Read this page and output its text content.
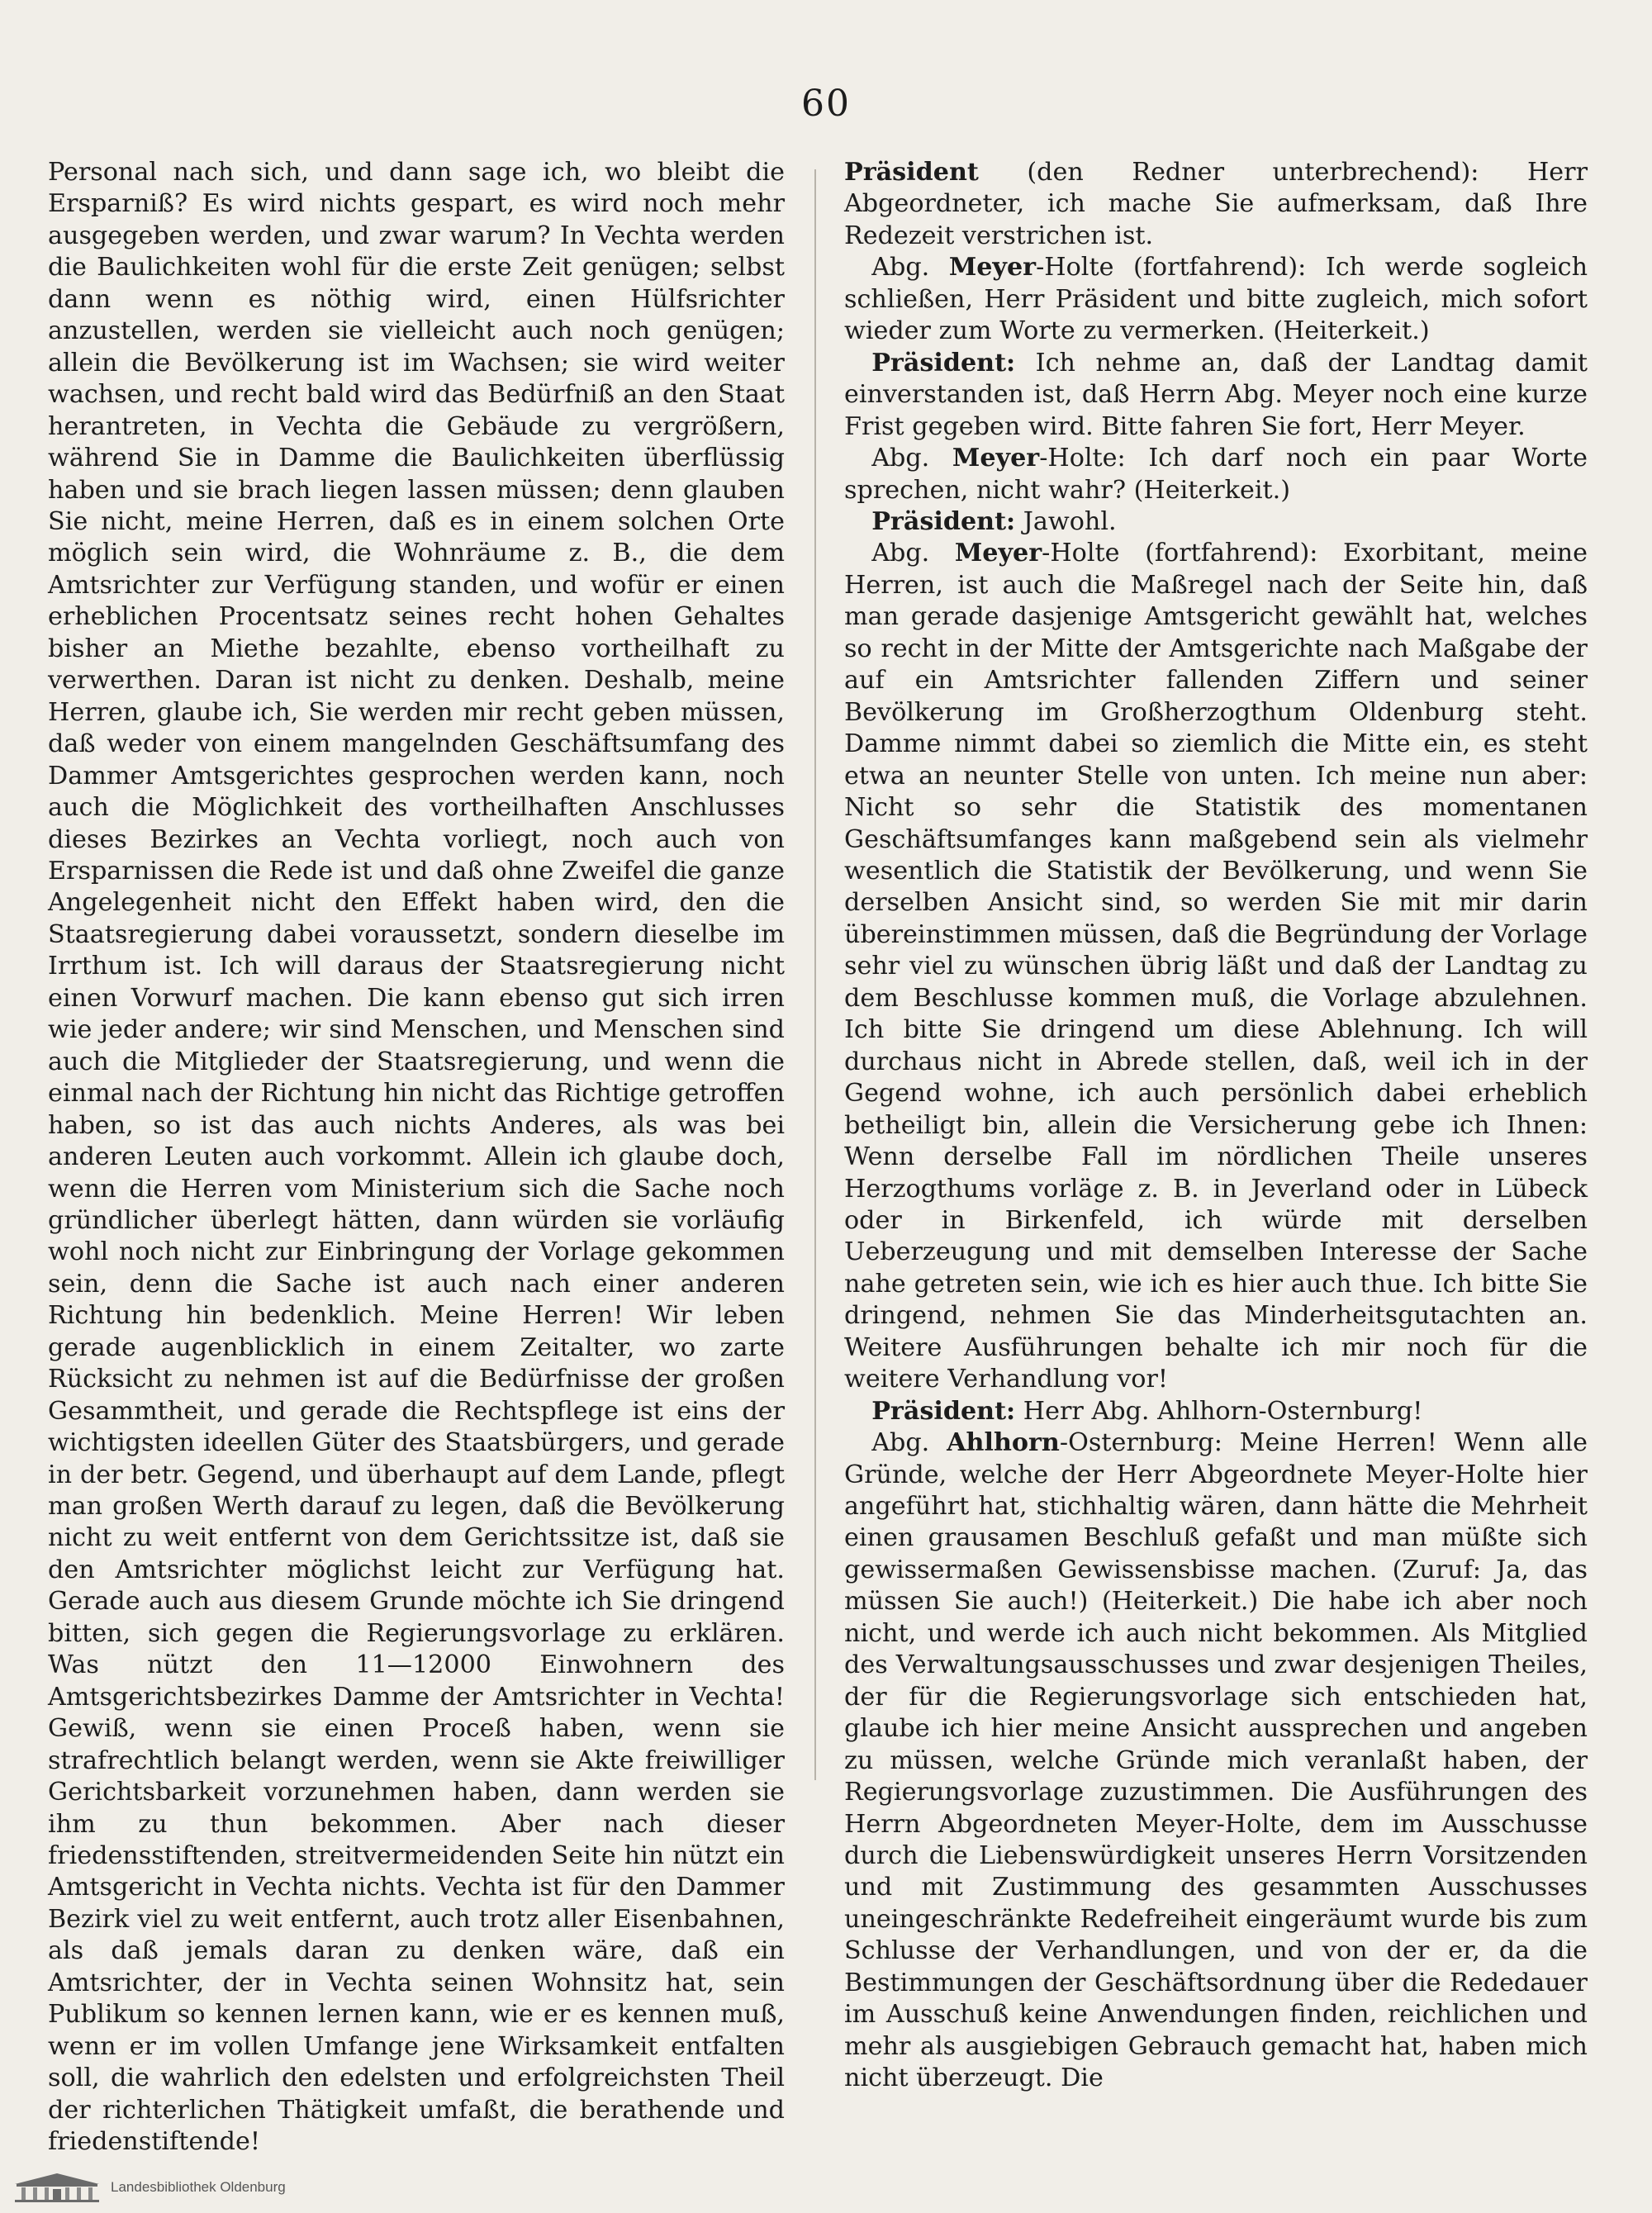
60

Personal nach sich, und dann sage ich, wo bleibt die Ersparniß? Es wird nichts gespart, es wird noch mehr ausgegeben werden, und zwar warum? In Vechta werden die Baulichkeiten wohl für die erste Zeit genügen; selbst dann wenn es nöthig wird, einen Hülfsrichter anzustellen, werden sie vielleicht auch noch genügen; allein die Bevölkerung ist im Wachsen; sie wird weiter wachsen, und recht bald wird das Bedürfniß an den Staat herantreten, in Vechta die Gebäude zu vergrößern, während Sie in Damme die Baulichkeiten überflüssig haben und sie brach liegen lassen müssen; denn glauben Sie nicht, meine Herren, daß es in einem solchen Orte möglich sein wird, die Wohnräume z. B., die dem Amtsrichter zur Verfügung standen, und wofür er einen erheblichen Procentsatz seines recht hohen Gehaltes bisher an Miethe bezahlte, ebenso vortheilhaft zu verwerthen. Daran ist nicht zu denken. Deshalb, meine Herren, glaube ich, Sie werden mir recht geben müssen, daß weder von einem mangelnden Geschäftsumfang des Dammer Amtsgerichtes gesprochen werden kann, noch auch die Möglichkeit des vortheilhaften Anschlusses dieses Bezirkes an Vechta vorliegt, noch auch von Ersparnissen die Rede ist und daß ohne Zweifel die ganze Angelegenheit nicht den Effekt haben wird, den die Staatsregierung dabei voraussetzt, sondern dieselbe im Irrthum ist. Ich will daraus der Staatsregierung nicht einen Vorwurf machen. Die kann ebenso gut sich irren wie jeder andere; wir sind Menschen, und Menschen sind auch die Mitglieder der Staatsregierung, und wenn die einmal nach der Richtung hin nicht das Richtige getroffen haben, so ist das auch nichts Anderes, als was bei anderen Leuten auch vorkommt. Allein ich glaube doch, wenn die Herren vom Ministerium sich die Sache noch gründlicher überlegt hätten, dann würden sie vorläufig wohl noch nicht zur Einbringung der Vorlage gekommen sein, denn die Sache ist auch nach einer anderen Richtung hin bedenklich. Meine Herren! Wir leben gerade augenblicklich in einem Zeitalter, wo zarte Rücksicht zu nehmen ist auf die Bedürfnisse der großen Gesammtheit, und gerade die Rechtspflege ist eins der wichtigsten ideellen Güter des Staatsbürgers, und gerade in der betr. Gegend, und überhaupt auf dem Lande, pflegt man großen Werth darauf zu legen, daß die Bevölkerung nicht zu weit entfernt von dem Gerichtssitze ist, daß sie den Amtsrichter möglichst leicht zur Verfügung hat. Gerade auch aus diesem Grunde möchte ich Sie dringend bitten, sich gegen die Regierungsvorlage zu erklären. Was nützt den 11—12000 Einwohnern des Amtsgerichtsbezirkes Damme der Amtsrichter in Vechta! Gewiß, wenn sie einen Proceß haben, wenn sie strafrechtlich belangt werden, wenn sie Akte freiwilliger Gerichtsbarkeit vorzunehmen haben, dann werden sie ihm zu thun bekommen. Aber nach dieser friedensstiftenden, streitvermeidenden Seite hin nützt ein Amtsgericht in Vechta nichts. Vechta ist für den Dammer Bezirk viel zu weit entfernt, auch trotz aller Eisenbahnen, als daß jemals daran zu denken wäre, daß ein Amtsrichter, der in Vechta seinen Wohnsitz hat, sein Publikum so kennen lernen kann, wie er es kennen muß, wenn er im vollen Umfange jene Wirksamkeit entfalten soll, die wahrlich den edelsten und erfolgreichsten Theil der richterlichen Thätigkeit umfaßt, die berathende und friedenstiftende!

Präsident (den Redner unterbrechend): Herr Abgeordneter, ich mache Sie aufmerksam, daß Ihre Redezeit verstrichen ist.

Abg. Meyer-Holte (fortfahrend): Ich werde sogleich schließen, Herr Präsident und bitte zugleich, mich sofort wieder zum Worte zu vermerken. (Heiterkeit.)

Präsident: Ich nehme an, daß der Landtag damit einverstanden ist, daß Herrn Abg. Meyer noch eine kurze Frist gegeben wird. Bitte fahren Sie fort, Herr Meyer.

Abg. Meyer-Holte: Ich darf noch ein paar Worte sprechen, nicht wahr? (Heiterkeit.)

Präsident: Jawohl.

Abg. Meyer-Holte (fortfahrend): Exorbitant, meine Herren, ist auch die Maßregel nach der Seite hin, daß man gerade dasjenige Amtsgericht gewählt hat, welches so recht in der Mitte der Amtsgerichte nach Maßgabe der auf ein Amtsrichter fallenden Ziffern und seiner Bevölkerung im Großherzogthum Oldenburg steht. Damme nimmt dabei so ziemlich die Mitte ein, es steht etwa an neunter Stelle von unten. Ich meine nun aber: Nicht so sehr die Statistik des momentanen Geschäftsumfanges kann maßgebend sein als vielmehr wesentlich die Statistik der Bevölkerung, und wenn Sie derselben Ansicht sind, so werden Sie mit mir darin übereinstimmen müssen, daß die Begründung der Vorlage sehr viel zu wünschen übrig läßt und daß der Landtag zu dem Beschlusse kommen muß, die Vorlage abzulehnen. Ich bitte Sie dringend um diese Ablehnung. Ich will durchaus nicht in Abrede stellen, daß, weil ich in der Gegend wohne, ich auch persönlich dabei erheblich betheiligt bin, allein die Versicherung gebe ich Ihnen: Wenn derselbe Fall im nördlichen Theile unseres Herzogthums vorläge z. B. in Jeverland oder in Lübeck oder in Birkenfeld, ich würde mit derselben Ueberzeugung und mit demselben Interesse der Sache nahe getreten sein, wie ich es hier auch thue. Ich bitte Sie dringend, nehmen Sie das Minderheitsgutachten an. Weitere Ausführungen behalte ich mir noch für die weitere Verhandlung vor!

Präsident: Herr Abg. Ahlhorn-Osternburg!

Abg. Ahlhorn-Osternburg: Meine Herren! Wenn alle Gründe, welche der Herr Abgeordnete Meyer-Holte hier angeführt hat, stichhaltig wären, dann hätte die Mehrheit einen grausamen Beschluß gefaßt und man müßte sich gewissermaßen Gewissensbisse machen. (Zuruf: Ja, das müssen Sie auch!) (Heiterkeit.) Die habe ich aber noch nicht, und werde ich auch nicht bekommen. Als Mitglied des Verwaltungsausschusses und zwar desjenigen Theiles, der für die Regierungsvorlage sich entschieden hat, glaube ich hier meine Ansicht aussprechen und angeben zu müssen, welche Gründe mich veranlaßt haben, der Regierungsvorlage zuzustimmen. Die Ausführungen des Herrn Abgeordneten Meyer-Holte, dem im Ausschusse durch die Liebenswürdigkeit unseres Herrn Vorsitzenden und mit Zustimmung des gesammten Ausschusses uneingeschränkte Redefreiheit eingeräumt wurde bis zum Schlusse der Verhandlungen, und von der er, da die Bestimmungen der Geschäftsordnung über die Rededauer im Ausschuß keine Anwendungen finden, reichlichen und mehr als ausgiebigen Gebrauch gemacht hat, haben mich nicht überzeugt. Die

Landesbibliothek Oldenburg
